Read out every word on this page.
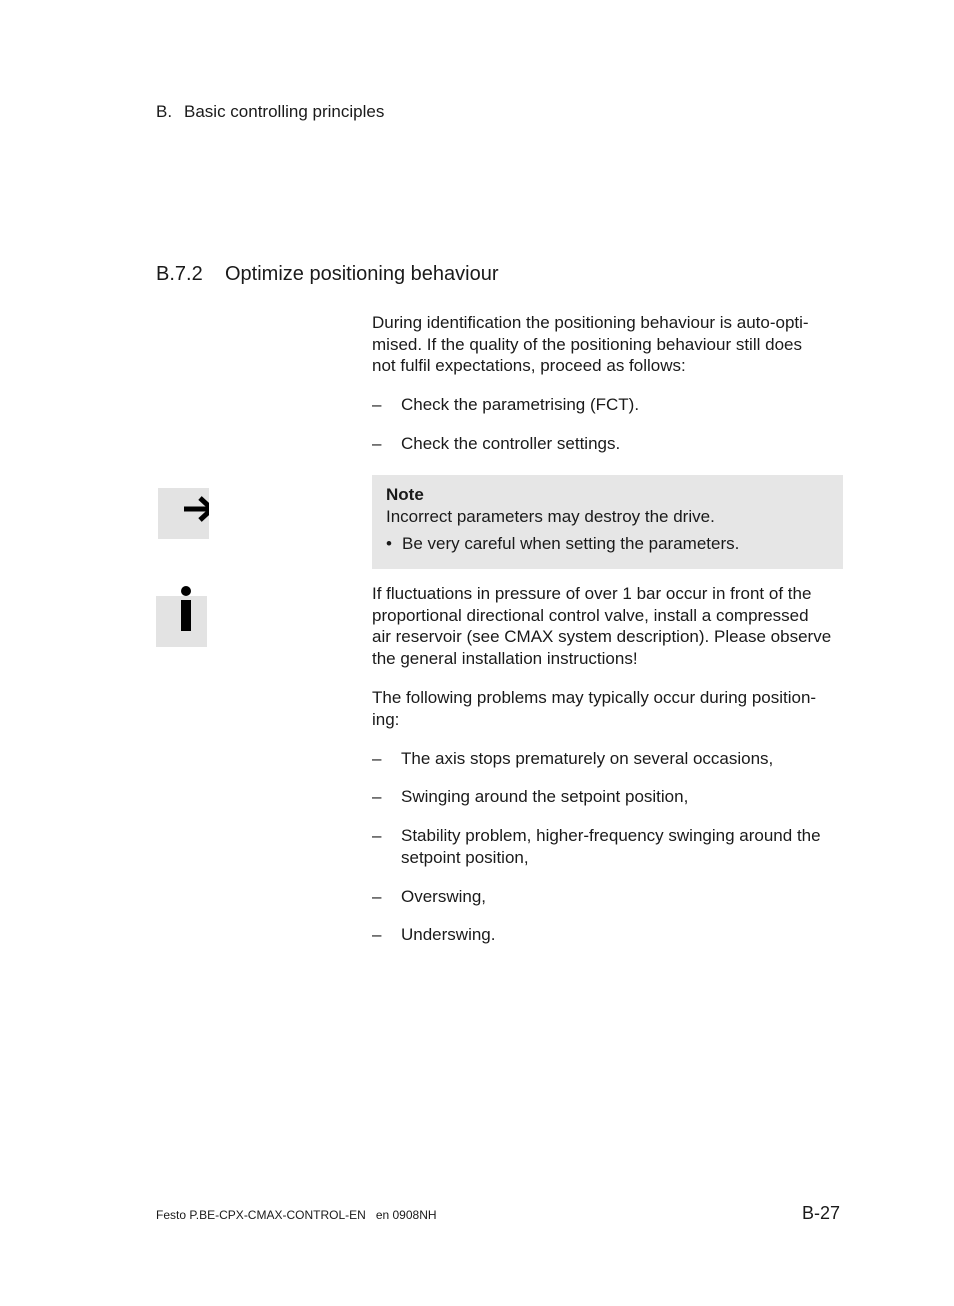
B. Basic controlling principles
B.7.2 Optimize positioning behaviour
During identification the positioning behaviour is auto-opti-
mised. If the quality of the positioning behaviour still does
not fulfil expectations, proceed as follows:
– Check the parametrising (FCT).
– Check the controller settings.
Note
Incorrect parameters may destroy the drive.
• Be very careful when setting the parameters.
If fluctuations in pressure of over 1 bar occur in front of the
proportional directional control valve, install a compressed
air reservoir (see CMAX system description). Please observe
the general installation instructions!
The following problems may typically occur during position-
ing:
– The axis stops prematurely on several occasions,
– Swinging around the setpoint position,
– Stability problem, higher-frequency swinging around the
setpoint position,
– Overswing,
– Underswing.
Festo P.BE-CPX-CMAX-CONTROL-EN   en 0908NH	B-27
